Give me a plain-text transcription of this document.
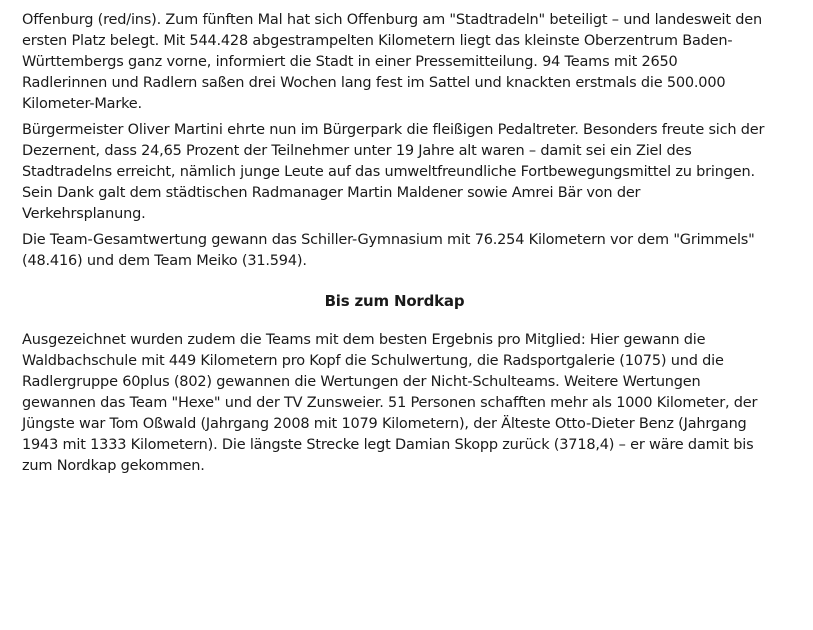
Offenburg (red/ins). Zum fünften Mal hat sich Offenburg am "Stadtradeln" beteiligt – und landesweit den ersten Platz belegt. Mit 544.428 abgestrampelten Kilometern liegt das kleinste Oberzentrum Baden-Württembergs ganz vorne, informiert die Stadt in einer Pressemitteilung. 94 Teams mit 2650 Radlerinnen und Radlern saßen drei Wochen lang fest im Sattel und knackten erstmals die 500.000 Kilometer-Marke.

Bürgermeister Oliver Martini ehrte nun im Bürgerpark die fleißigen Pedaltreter. Besonders freute sich der Dezernent, dass 24,65 Prozent der Teilnehmer unter 19 Jahre alt waren – damit sei ein Ziel des Stadtradelns erreicht, nämlich junge Leute auf das umweltfreundliche Fortbewegungsmittel zu bringen. Sein Dank galt dem städtischen Radmanager Martin Maldener sowie Amrei Bär von der Verkehrsplanung.

Die Team-Gesamtwertung gewann das Schiller-Gymnasium mit 76.254 Kilometern vor dem "Grimmels" (48.416) und dem Team Meiko (31.594).

Bis zum Nordkap

Ausgezeichnet wurden zudem die Teams mit dem besten Ergebnis pro Mitglied: Hier gewann die Waldbachschule mit 449 Kilometern pro Kopf die Schulwertung, die Radsportgalerie (1075) und die Radlergruppe 60plus (802) gewannen die Wertungen der Nicht-Schulteams. Weitere Wertungen gewannen das Team "Hexe" und der TV Zunsweier. 51 Personen schafften mehr als 1000 Kilometer, der Jüngste war Tom Oßwald (Jahrgang 2008 mit 1079 Kilometern), der Älteste Otto-Dieter Benz (Jahrgang 1943 mit 1333 Kilometern). Die längste Strecke legt Damian Skopp zurück (3718,4) – er wäre damit bis zum Nordkap gekommen.
